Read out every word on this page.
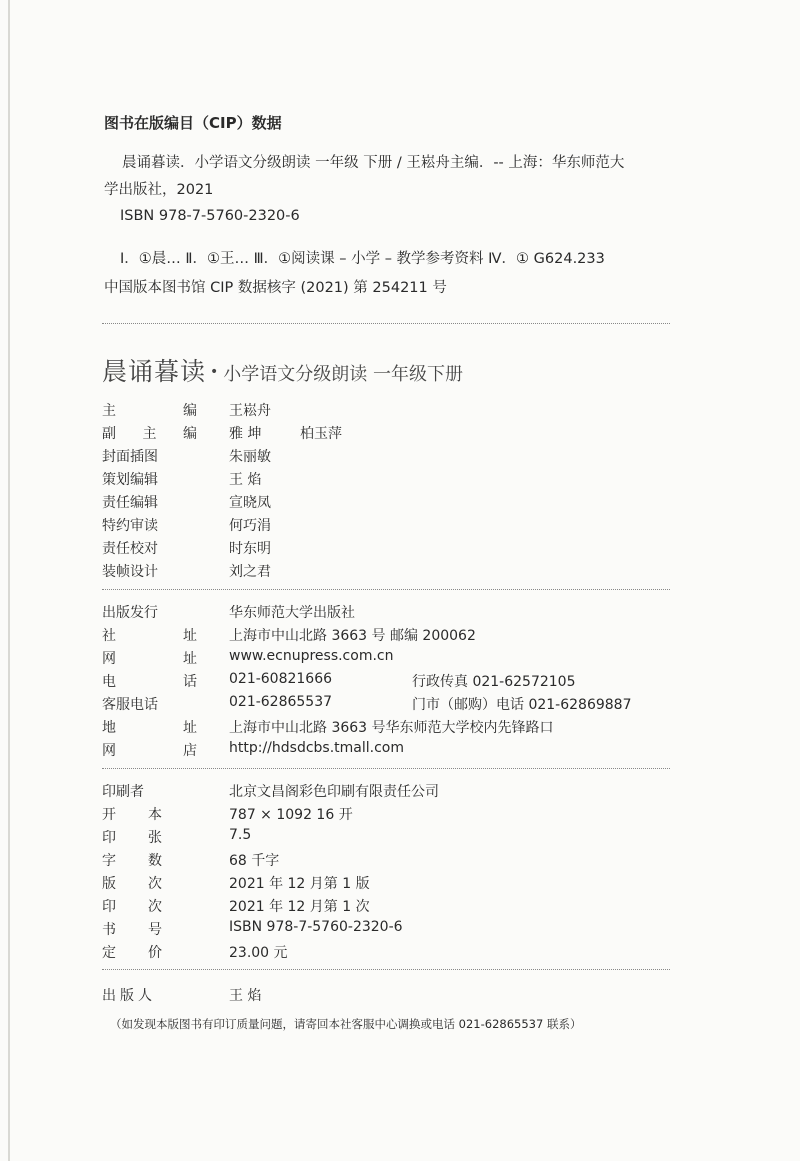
图书在版编目（CIP）数据
晨诵暮读．小学语文分级朗读 一年级 下册 / 王崧舟主编．-- 上海：华东师范大
学出版社，2021
ISBN 978-7-5760-2320-6
Ⅰ．①晨… Ⅱ．①王… Ⅲ．①阅读课 – 小学 – 教学参考资料 Ⅳ．① G624.233
中国版本图书馆 CIP 数据核字 (2021) 第 254211 号
晨诵暮读 • 小学语文分级朗读 一年级下册
主	编 王崧舟
副 主 编 雅 坤	柏玉萍
封面插图	朱丽敏
策划编辑	王 焰
责任编辑	宣晓凤
特约审读	何巧涓
责任校对	时东明
装帧设计	刘之君
出版发行	华东师范大学出版社
社	址 上海市中山北路 3663 号 邮编 200062
网	址 www.ecnupress.com.cn
电	话 021-60821666	行政传真 021-62572105
客服电话	021-62865537	门市（邮购）电话 021-62869887
地	址 上海市中山北路 3663 号华东师范大学校内先锋路口
网	店 http://hdsdcbs.tmall.com
印刷者	北京文昌阁彩色印刷有限责任公司
开 本	787 × 1092 16 开
印 张	7.5
字 数	68 千字
版 次	2021 年 12 月第 1 版
印 次	2021 年 12 月第 1 次
书 号	ISBN 978-7-5760-2320-6
定 价	23.00 元
出版人	王 焰
（如发现本版图书有印订质量问题，请寄回本社客服中心调换或电话 021-62865537 联系）
